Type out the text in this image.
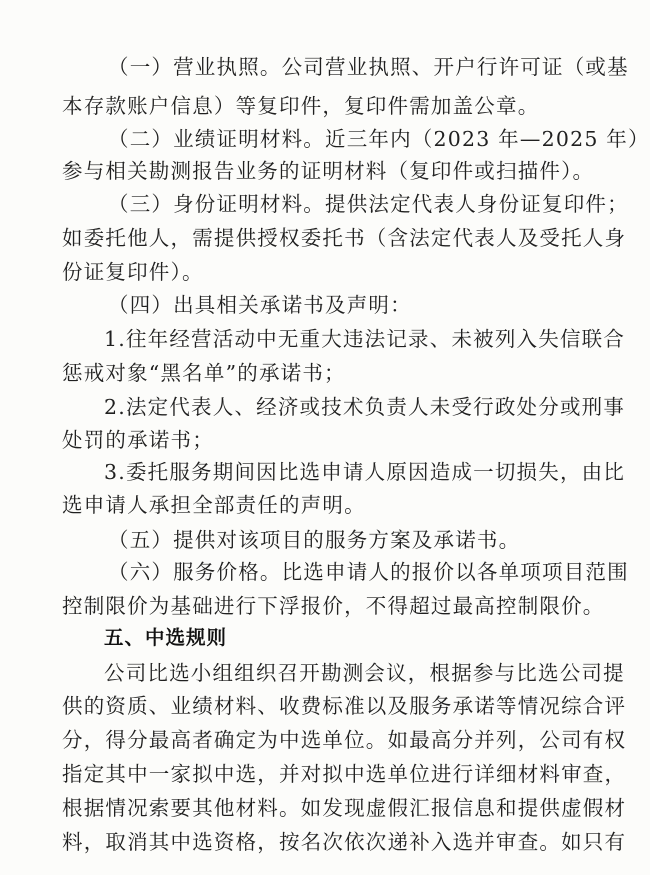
（一）营业执照。公司营业执照、开户行许可证（或基
本存款账户信息）等复印件，复印件需加盖公章。
（二）业绩证明材料。近三年内（2023 年—2025 年）
参与相关勘测报告业务的证明材料（复印件或扫描件）。
（三）身份证明材料。提供法定代表人身份证复印件；
如委托他人，需提供授权委托书（含法定代表人及受托人身
份证复印件）。
（四）出具相关承诺书及声明：
1.往年经营活动中无重大违法记录、未被列入失信联合
惩戒对象“黑名单”的承诺书；
2.法定代表人、经济或技术负责人未受行政处分或刑事
处罚的承诺书；
3.委托服务期间因比选申请人原因造成一切损失，由比
选申请人承担全部责任的声明。
（五）提供对该项目的服务方案及承诺书。
（六）服务价格。比选申请人的报价以各单项项目范围
控制限价为基础进行下浮报价，不得超过最高控制限价。
五、中选规则
公司比选小组组织召开勘测会议，根据参与比选公司提
供的资质、业绩材料、收费标准以及服务承诺等情况综合评
分，得分最高者确定为中选单位。如最高分并列，公司有权
指定其中一家拟中选，并对拟中选单位进行详细材料审查，
根据情况索要其他材料。如发现虚假汇报信息和提供虚假材
料，取消其中选资格，按名次依次递补入选并审查。如只有
